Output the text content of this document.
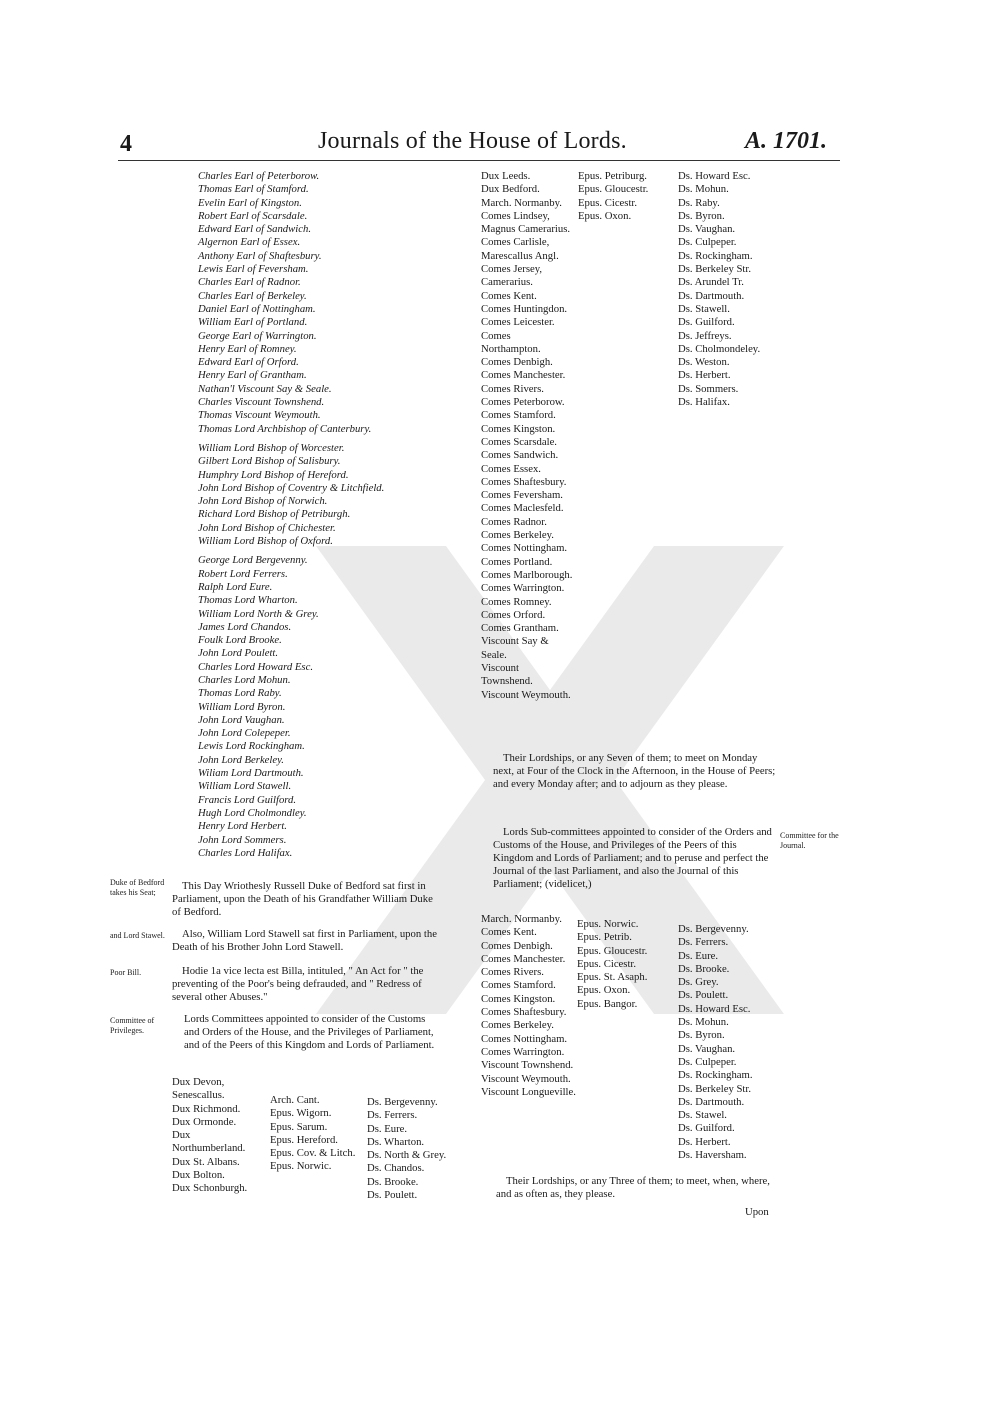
4	Journals of the House of Lords.	A. 1701.
Charles Earl of Peterborow.
Thomas Earl of Stamford.
Evelin Earl of Kingston.
Robert Earl of Scarsdale.
Edward Earl of Sandwich.
Algernon Earl of Essex.
Anthony Earl of Shaftesbury.
Lewis Earl of Feversham.
Charles Earl of Radnor.
Charles Earl of Berkeley.
Daniel Earl of Nottingham.
William Earl of Portland.
George Earl of Warrington.
Henry Earl of Romney.
Edward Earl of Orford.
Henry Earl of Grantham.
Nathan'l Viscount Say & Seale.
Charles Viscount Townshend.
Thomas Viscount Weymouth.
Thomas Lord Archbishop of Canterbury.
William Lord Bishop of Worcester.
Gilbert Lord Bishop of Salisbury.
Humphry Lord Bishop of Hereford.
John Lord Bishop of Coventry & Litchfield.
John Lord Bishop of Norwich.
Richard Lord Bishop of Petriburgh.
John Lord Bishop of Chichester.
William Lord Bishop of Oxford.
George Lord Bergevenny.
Robert Lord Ferrers.
Ralph Lord Eure.
Thomas Lord Wharton.
William Lord North & Grey.
James Lord Chandos.
Foulk Lord Brooke.
John Lord Poulett.
Charles Lord Howard Esc.
Charles Lord Mohun.
Thomas Lord Raby.
William Lord Byron.
John Lord Vaughan.
John Lord Colepeper.
Lewis Lord Rockingham.
John Lord Berkeley.
Wiliam Lord Dartmouth.
William Lord Stawell.
Francis Lord Guilford.
Hugh Lord Cholmondley.
Henry Lord Herbert.
John Lord Sommers.
Charles Lord Halifax.
Duke of Bedford takes his Seat;
and Lord Stawel.
Poor Bill.
Committee of Privileges.
Committee for the Journal.
This Day Wriothesly Russell Duke of Bedford sat first in Parliament, upon the Death of his Grandfather William Duke of Bedford.
Also, William Lord Stawell sat first in Parliament, upon the Death of his Brother John Lord Stawell.
Hodie 1a vice lecta est Billa, intituled, " An Act for " the preventing of the Poor's being defrauded, and " Redress of several other Abuses."
Lords Committees appointed to consider of the Customs and Orders of the House, and the Privileges of Parliament, and of the Peers of this Kingdom and Lords of Parliament.
Dux Devon, Senescallus.
Dux Richmond.
Dux Ormonde.
Dux Northumberland.
Dux St. Albans.
Dux Bolton.
Dux Schonburgh.
Arch. Cant.
Epus. Wigorn.
Epus. Sarum.
Epus. Hereford.
Epus. Cov. & Litch.
Epus. Norwic.
Ds. Bergevenny.
Ds. Ferrers.
Ds. Eure.
Ds. Wharton.
Ds. North & Grey.
Ds. Chandos.
Ds. Brooke.
Ds. Poulett.
Dux Leeds.
Dux Bedford.
March. Normanby.
Comes Lindsey, Magnus Camerarius.
Comes Carlisle, Marescallus Angl.
Comes Jersey, Camerarius.
Comes Kent.
Comes Huntingdon.
Comes Leicester.
Comes Northampton.
Comes Denbigh.
Comes Manchester.
Comes Rivers.
Comes Peterborow.
Comes Stamford.
Comes Kingston.
Comes Scarsdale.
Comes Sandwich.
Comes Essex.
Comes Shaftesbury.
Comes Feversham.
Comes Maclesfeld.
Comes Radnor.
Comes Berkeley.
Comes Nottingham.
Comes Portland.
Comes Marlborough.
Comes Warrington.
Comes Romney.
Comes Orford.
Comes Grantham.
Viscount Say & Seale.
Viscount Townshend.
Viscount Weymouth.
Epus. Petriburg.
Epus. Gloucestr.
Epus. Cicestr.
Epus. Oxon.
Ds. Howard Esc.
Ds. Mohun.
Ds. Raby.
Ds. Byron.
Ds. Vaughan.
Ds. Culpeper.
Ds. Rockingham.
Ds. Berkeley Str.
Ds. Arundel Tr.
Ds. Dartmouth.
Ds. Stawell.
Ds. Guilford.
Ds. Jeffreys.
Ds. Cholmondeley.
Ds. Weston.
Ds. Herbert.
Ds. Sommers.
Ds. Halifax.
Their Lordships, or any Seven of them; to meet on Monday next, at Four of the Clock in the Afternoon, in the House of Peers; and every Monday after; and to adjourn as they please.
Lords Sub-committees appointed to consider of the Orders and Customs of the House, and Privileges of the Peers of this Kingdom and Lords of Parliament; and to peruse and perfect the Journal of the last Parliament, and also the Journal of this Parliament; (videlicet,)
March. Normanby.
Comes Kent.
Comes Denbigh.
Comes Manchester.
Comes Rivers.
Comes Stamford.
Comes Kingston.
Comes Shaftesbury.
Comes Berkeley.
Comes Nottingham.
Comes Warrington.
Viscount Townshend.
Viscount Weymouth.
Viscount Longueville.
Epus. Norwic.
Epus. Petrib.
Epus. Gloucestr.
Epus. Cicestr.
Epus. St. Asaph.
Epus. Oxon.
Epus. Bangor.
Ds. Bergevenny.
Ds. Ferrers.
Ds. Eure.
Ds. Brooke.
Ds. Grey.
Ds. Poulett.
Ds. Howard Esc.
Ds. Mohun.
Ds. Byron.
Ds. Vaughan.
Ds. Culpeper.
Ds. Rockingham.
Ds. Berkeley Str.
Ds. Dartmouth.
Ds. Stawel.
Ds. Guilford.
Ds. Herbert.
Ds. Haversham.
Their Lordships, or any Three of them; to meet, when, where, and as often as, they please.
Upon
